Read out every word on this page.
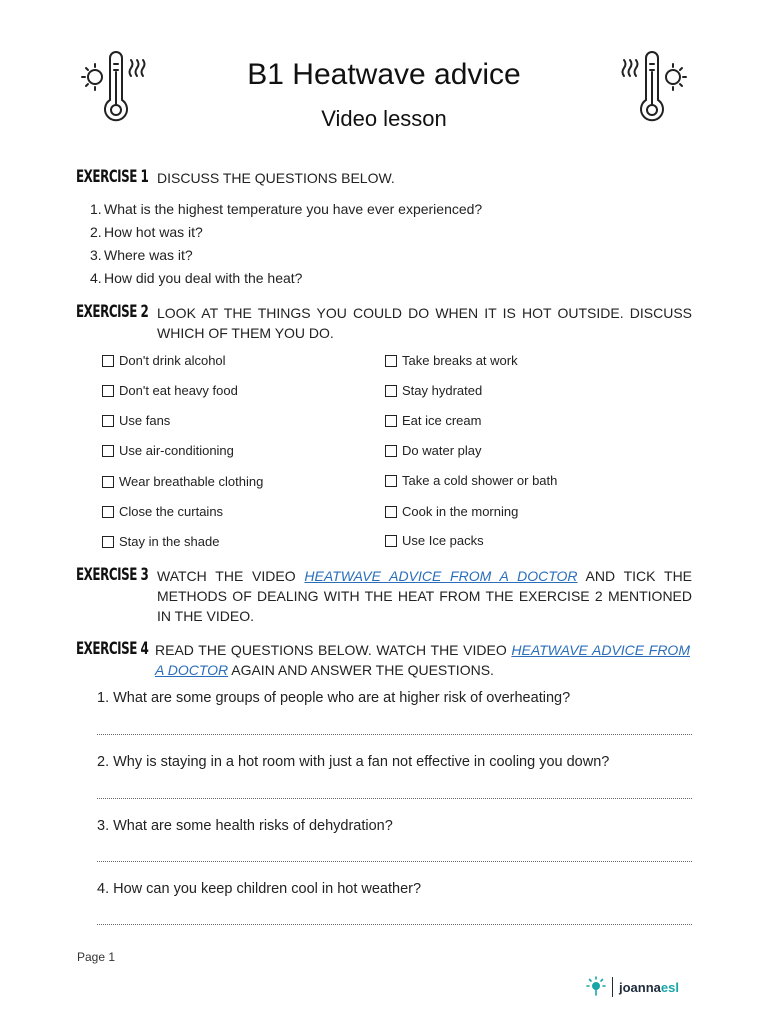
B1 Heatwave advice
Video lesson
EXERCISE 1 DISCUSS THE QUESTIONS BELOW.
1. What is the highest temperature you have ever experienced?
2. How hot was it?
3. Where was it?
4. How did you deal with the heat?
EXERCISE 2 LOOK AT THE THINGS YOU COULD DO WHEN IT IS HOT OUTSIDE. DISCUSS WHICH OF THEM YOU DO.
Don't drink alcohol
Don't eat heavy food
Use fans
Use air-conditioning
Wear breathable clothing
Close the curtains
Stay in the shade
Take breaks at work
Stay hydrated
Eat ice cream
Do water play
Take a cold shower or bath
Cook in the morning
Use Ice packs
EXERCISE 3 WATCH THE VIDEO HEATWAVE ADVICE FROM A DOCTOR AND TICK THE METHODS OF DEALING WITH THE HEAT FROM THE EXERCISE 2 MENTIONED IN THE VIDEO.
EXERCISE 4 READ THE QUESTIONS BELOW. WATCH THE VIDEO HEATWAVE ADVICE FROM A DOCTOR AGAIN AND ANSWER THE QUESTIONS.
1. What are some groups of people who are at higher risk of overheating?
2. Why is staying in a hot room with just a fan not effective in cooling you down?
3. What are some health risks of dehydration?
4. How can you keep children cool in hot weather?
Page 1
joannaesl
